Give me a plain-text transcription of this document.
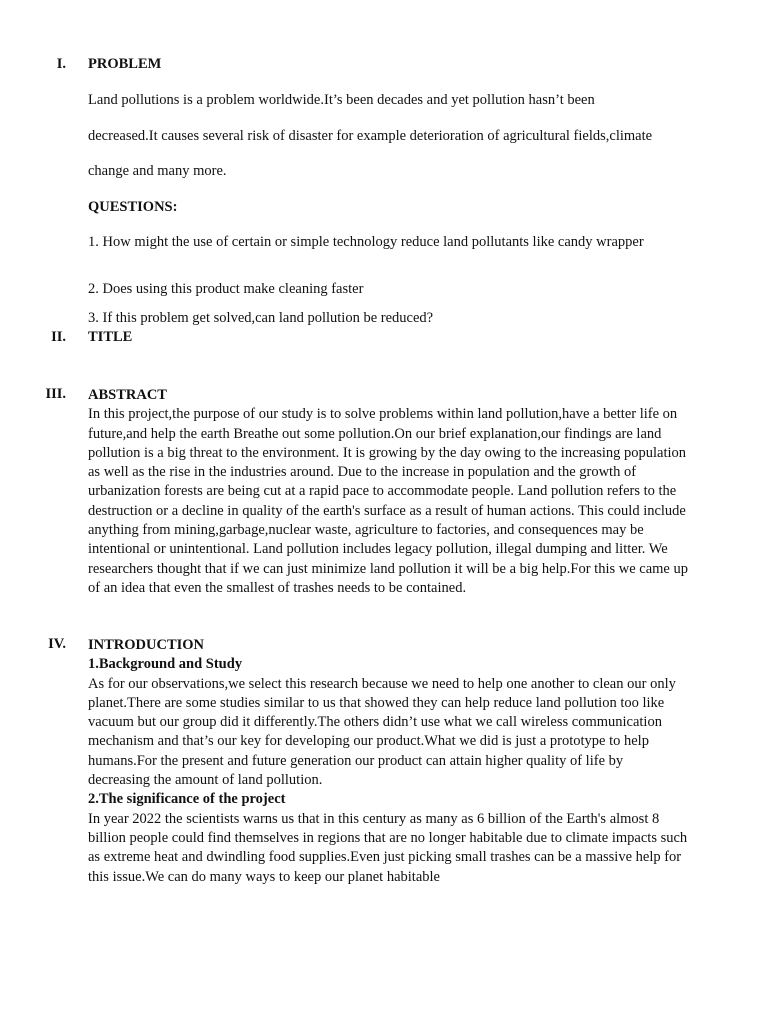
I. PROBLEM
Land pollutions is a problem worldwide.It’s been decades and yet pollution hasn’t been
decreased.It causes several risk of disaster for example deterioration of agricultural fields,climate
change and many more.
QUESTIONS:
1. How might the use of certain or simple technology reduce land pollutants like candy wrapper
2. Does using this product make cleaning faster
3. If this problem get solved,can land pollution be reduced?
II. TITLE
III. ABSTRACT

In this project,the purpose of our study is to solve problems within land pollution,have a better life on future,and help the earth Breathe out some pollution.On our brief explanation,our findings are land pollution is a big threat to the environment. It is growing by the day owing to the increasing population as well as the rise in the industries around. Due to the increase in population and the growth of urbanization forests are being cut at a rapid pace to accommodate people. Land pollution refers to the destruction or a decline in quality of the earth's surface as a result of human actions. This could include anything from mining,garbage,nuclear waste, agriculture to factories, and consequences may be intentional or unintentional. Land pollution includes legacy pollution, illegal dumping and litter. We researchers thought that if we can just minimize land pollution it will be a big help.For this we came up of an idea that even the smallest of trashes needs to be contained.

IV. INTRODUCTION

1.Background and Study

As for our observations,we select this research because we need to help one another to clean our only planet.There are some studies similar to us that showed they can help reduce land pollution too like vacuum but our group did it differently.The others didn’t use what we call wireless communication mechanism and that’s our key for developing our product.What we did is just a prototype to help humans.For the present and future generation our product can attain higher quality of life by decreasing the amount of land pollution.

2.The significance of the project

In year 2022 the scientists warns us that in this century as many as 6 billion of the Earth's almost 8 billion people could find themselves in regions that are no longer habitable due to climate impacts such as extreme heat and dwindling food supplies.Even just picking small trashes can be a massive help for this issue.We can do many ways to keep our planet habitable
